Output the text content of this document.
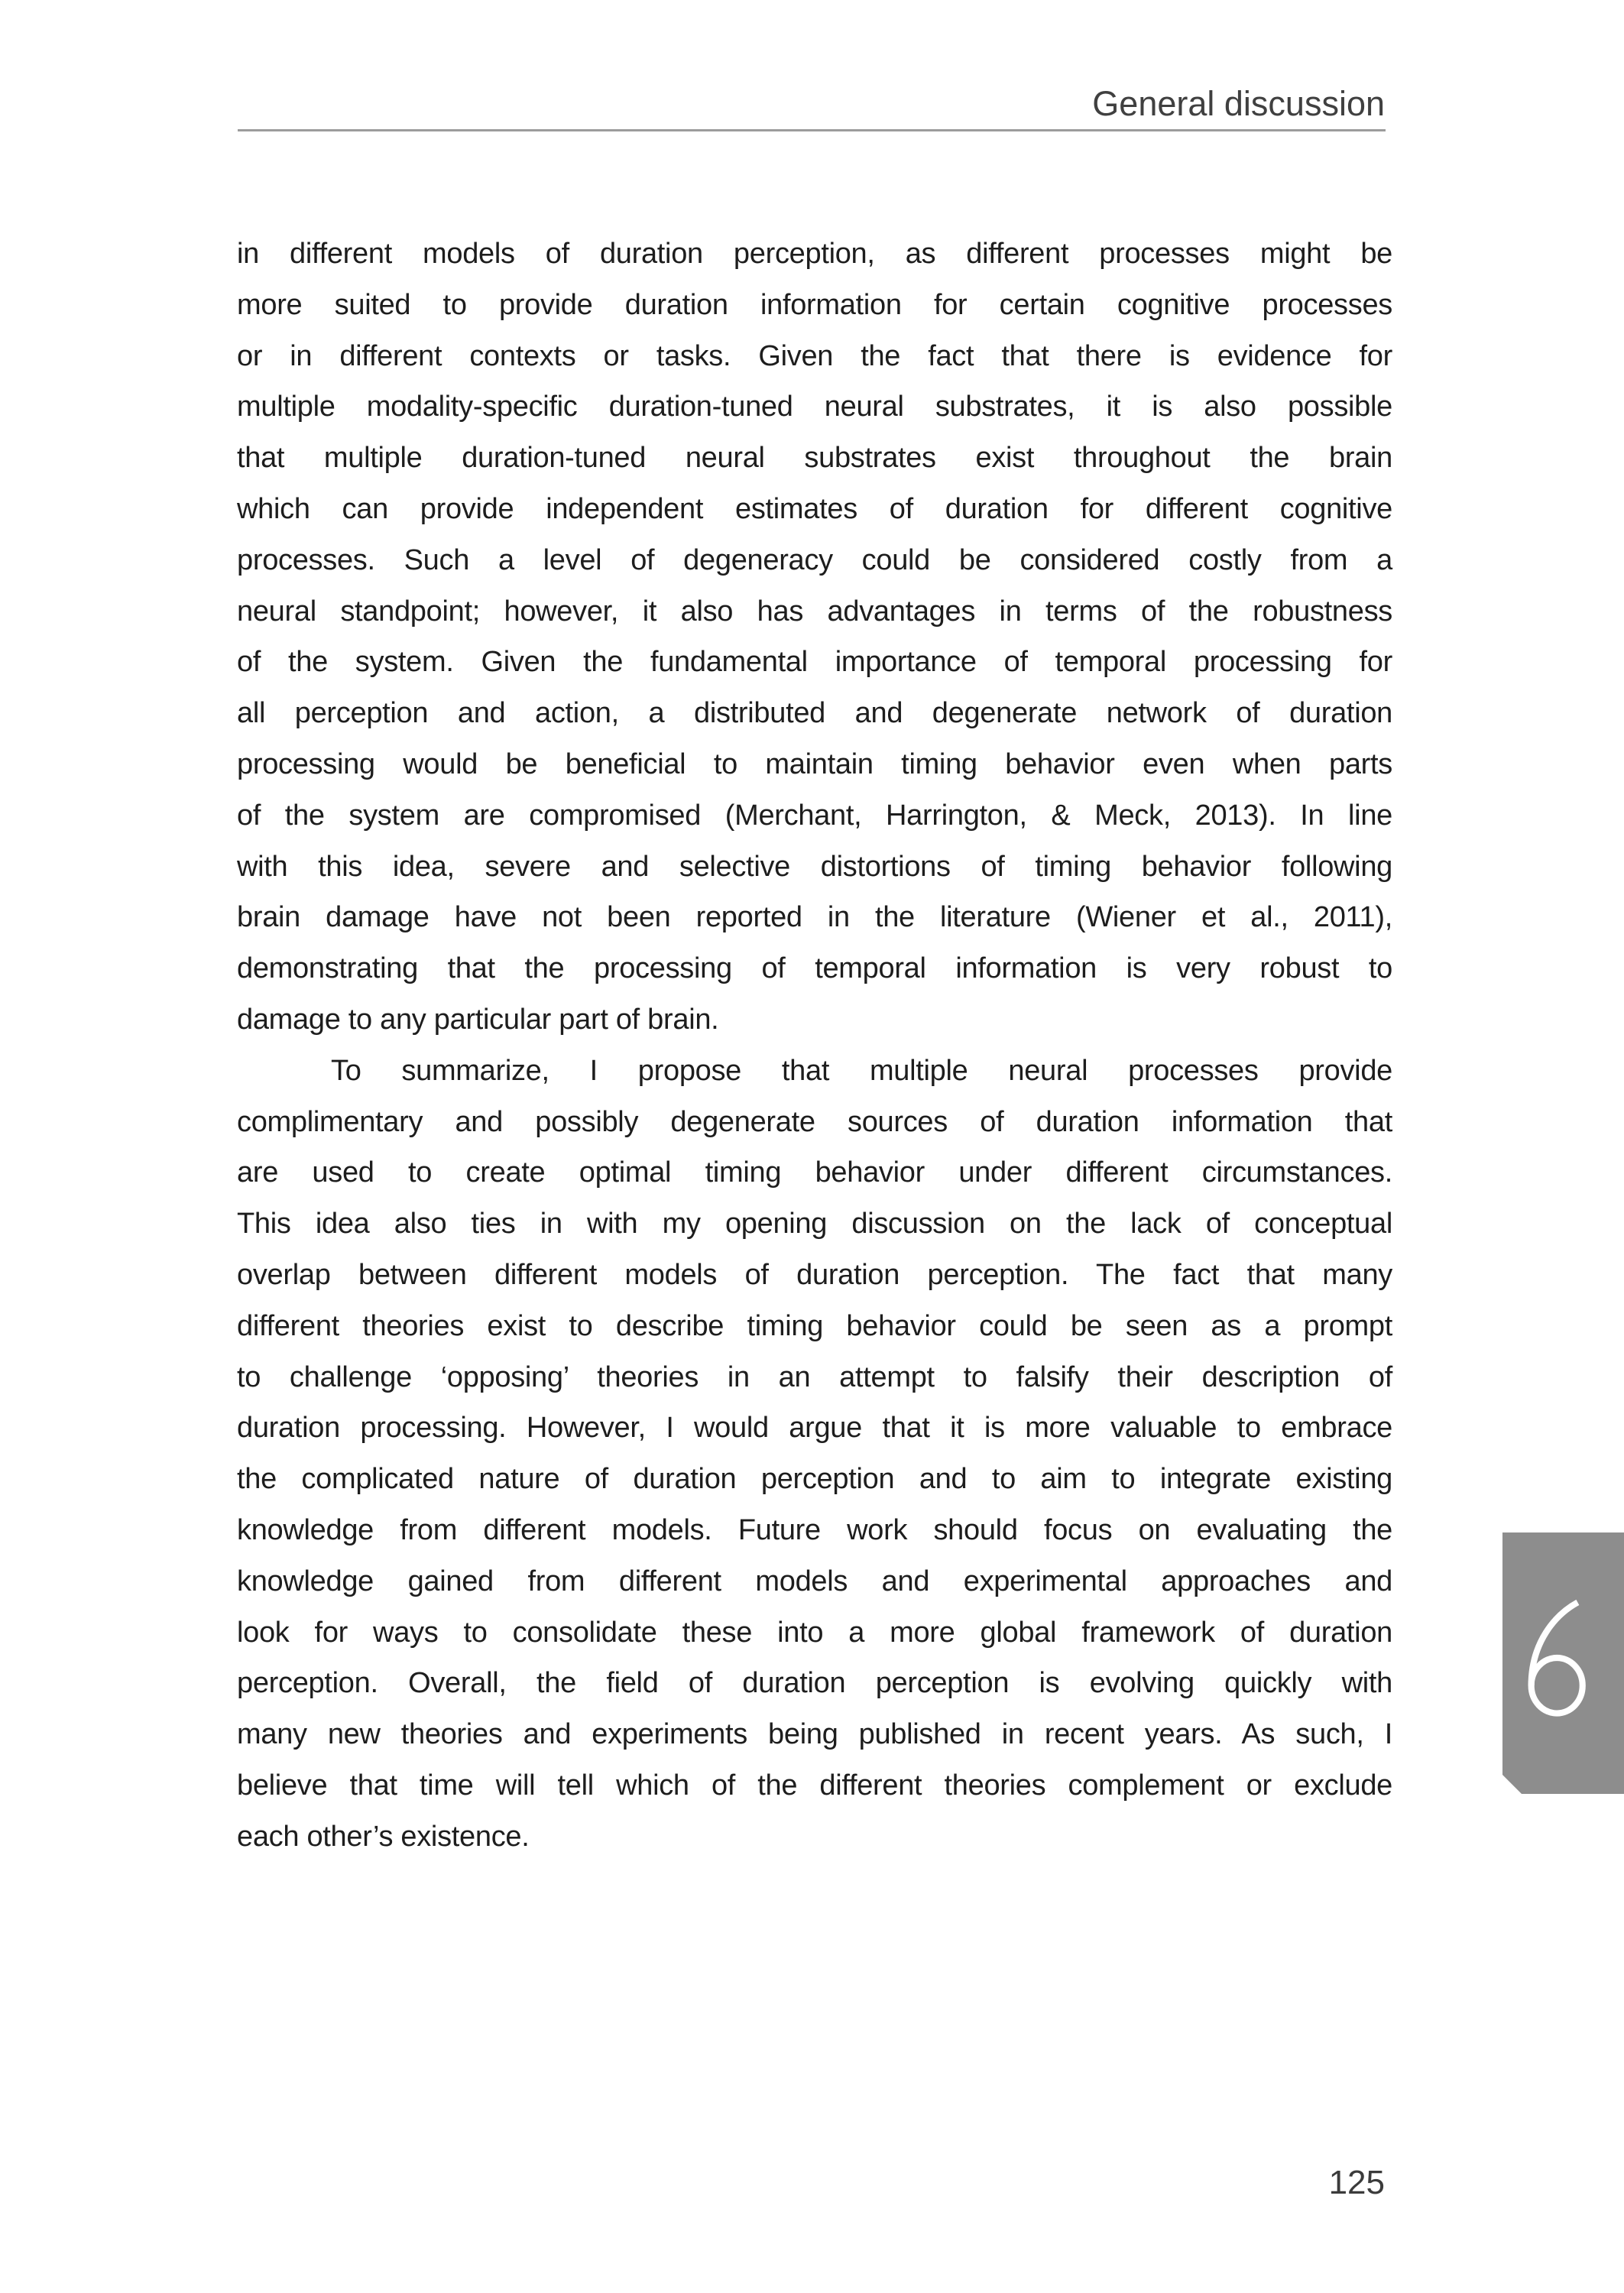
General discussion
in different models of duration perception, as different processes might be
more suited to provide duration information for certain cognitive processes
or in different contexts or tasks. Given the fact that there is evidence for
multiple modality-specific duration-tuned neural substrates, it is also possible
that multiple duration-tuned neural substrates exist throughout the brain
which can provide independent estimates of duration for different cognitive
processes. Such a level of degeneracy could be considered costly from a
neural standpoint; however, it also has advantages in terms of the robustness
of the system. Given the fundamental importance of temporal processing for
all perception and action, a distributed and degenerate network of duration
processing would be beneficial to maintain timing behavior even when parts
of the system are compromised (Merchant, Harrington, & Meck, 2013). In line
with this idea, severe and selective distortions of timing behavior following
brain damage have not been reported in the literature (Wiener et al., 2011),
demonstrating that the processing of temporal information is very robust to
damage to any particular part of brain.
To summarize, I propose that multiple neural processes provide
complimentary and possibly degenerate sources of duration information that
are used to create optimal timing behavior under different circumstances.
This idea also ties in with my opening discussion on the lack of conceptual
overlap between different models of duration perception. The fact that many
different theories exist to describe timing behavior could be seen as a prompt
to challenge ‘opposing’ theories in an attempt to falsify their description of
duration processing. However, I would argue that it is more valuable to embrace
the complicated nature of duration perception and to aim to integrate existing
knowledge from different models. Future work should focus on evaluating the
knowledge gained from different models and experimental approaches and
look for ways to consolidate these into a more global framework of duration
perception. Overall, the field of duration perception is evolving quickly with
many new theories and experiments being published in recent years. As such, I
believe that time will tell which of the different theories complement or exclude
each other’s existence.
125
